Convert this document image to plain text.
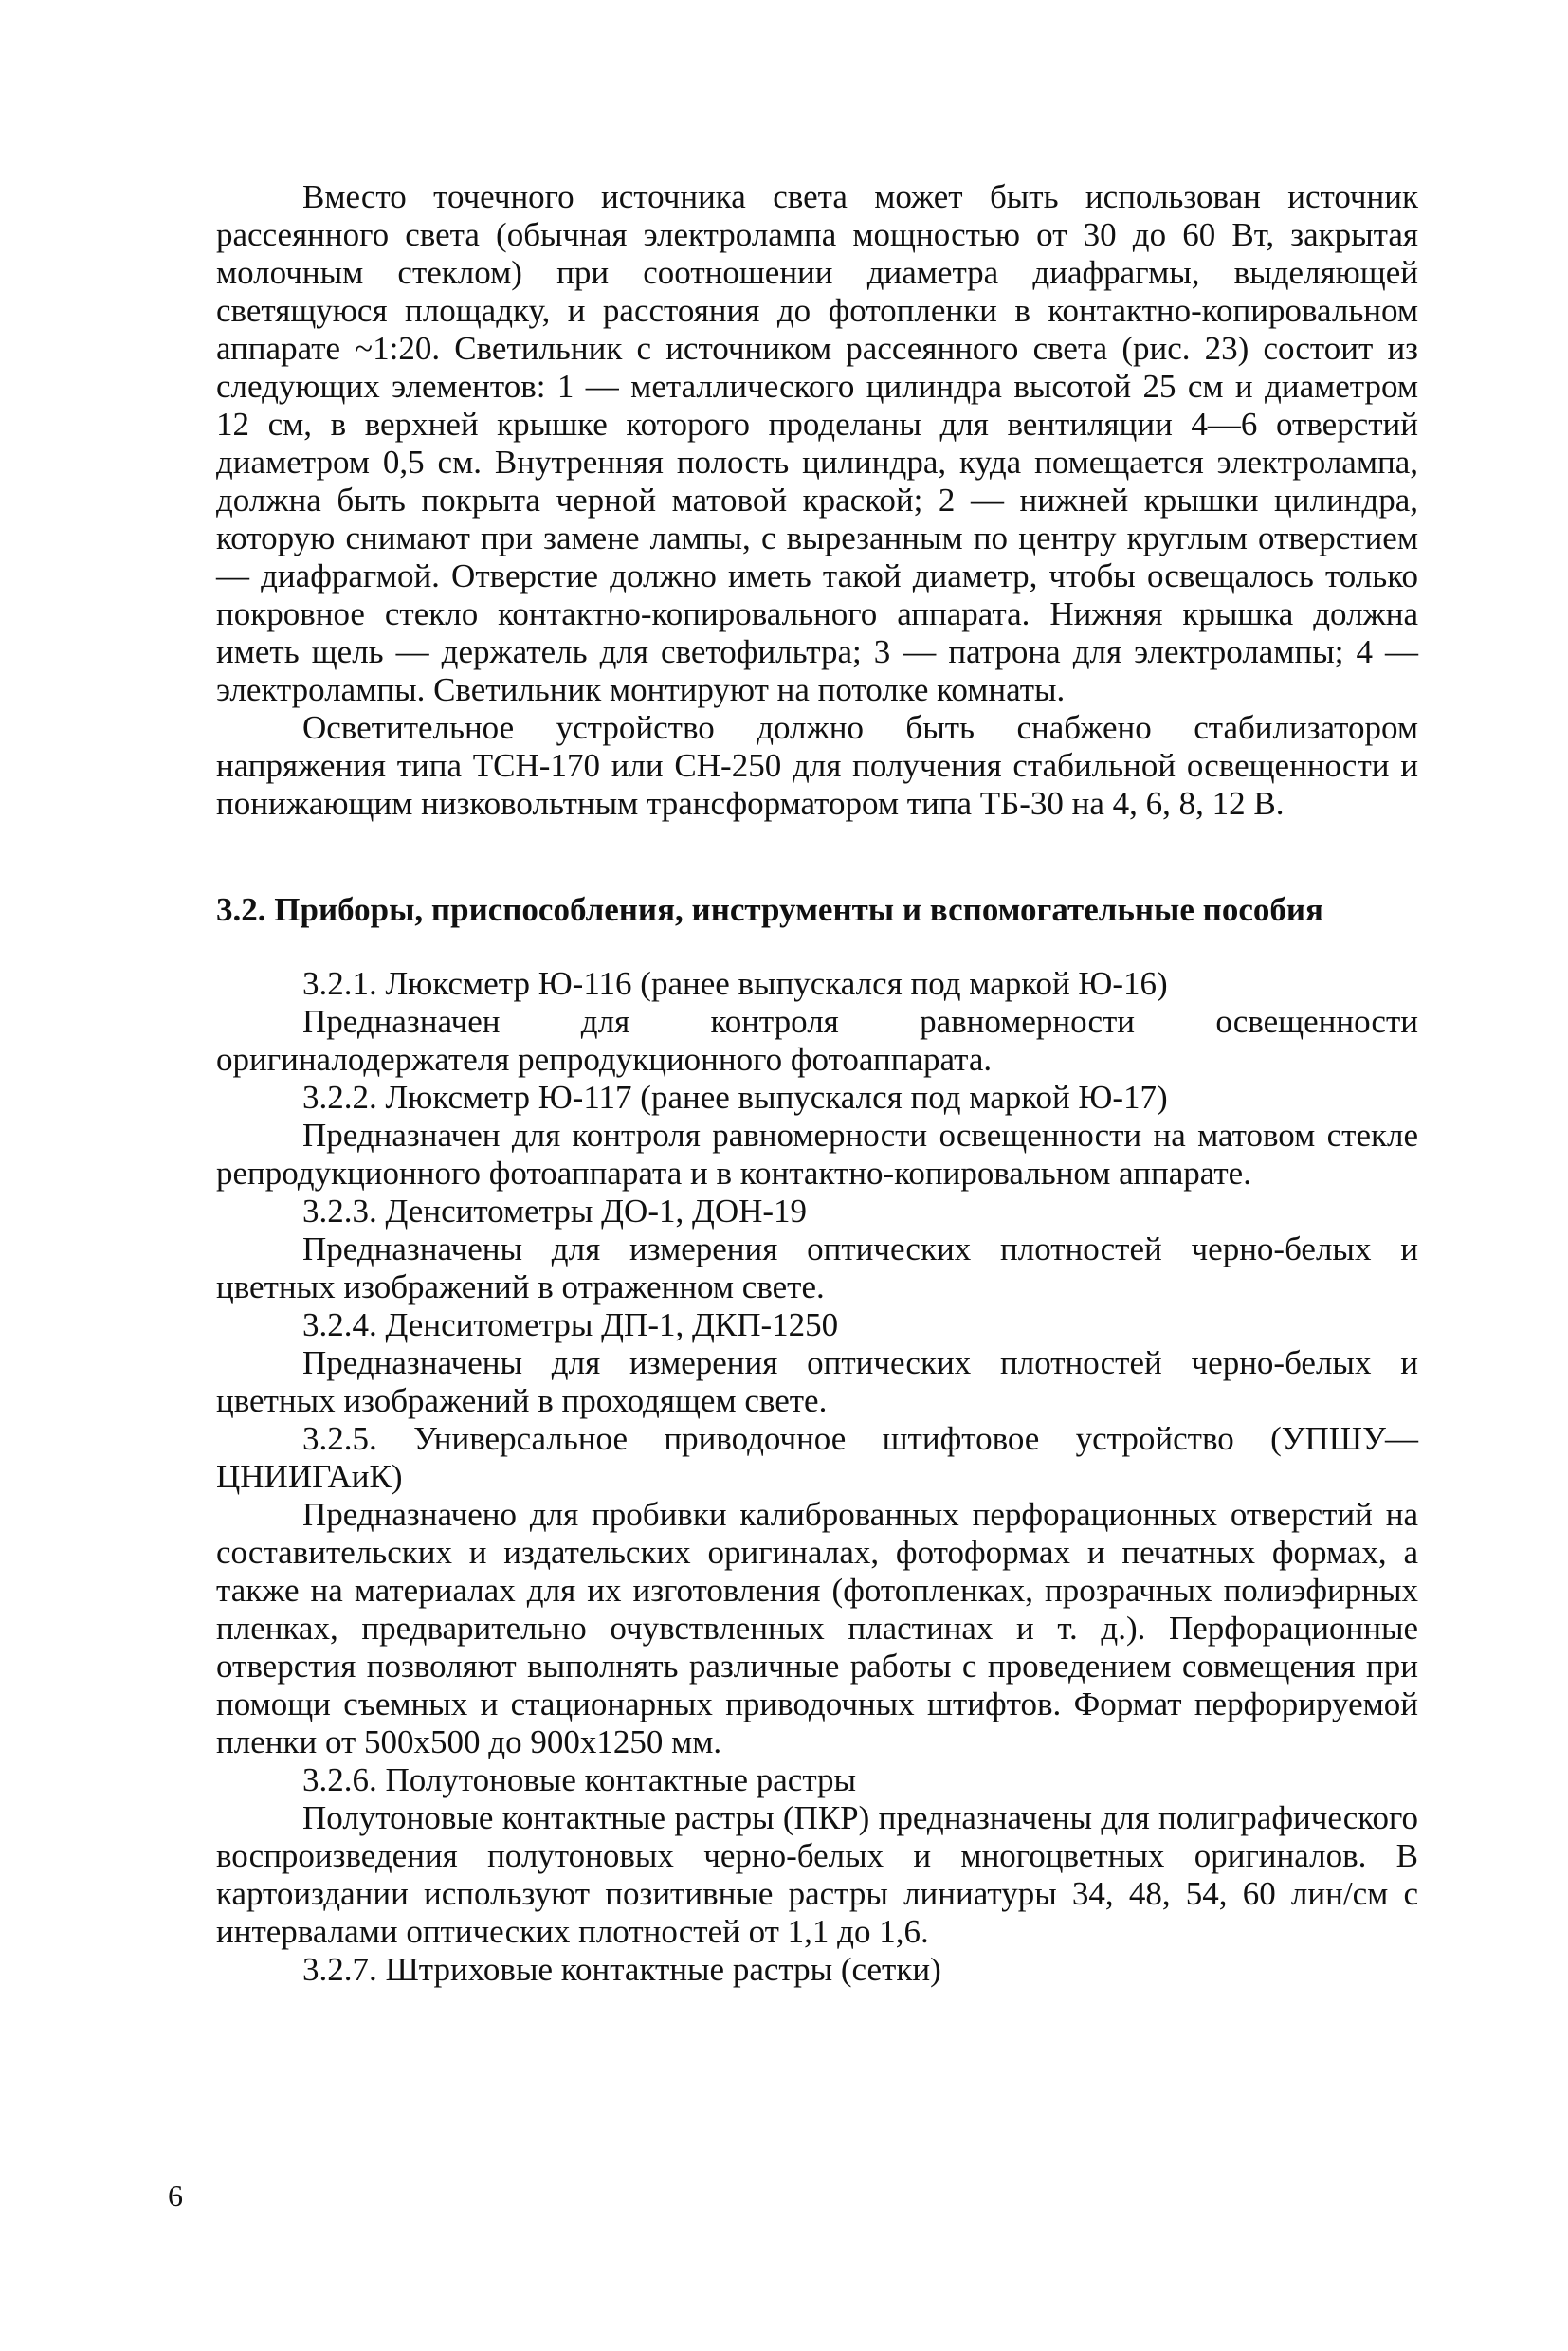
Вместо точечного источника света может быть использован источник рассеянного света (обычная электролампа мощностью от 30 до 60 Вт, закрытая молочным стеклом) при соотношении диаметра диафрагмы, выделяющей светящуюся площадку, и расстояния до фотопленки в контактно-копировальном аппарате ~1:20. Светильник с источником рассеянного света (рис. 23) состоит из следующих элементов: 1 — металлического цилиндра высотой 25 см и диаметром 12 см, в верхней крышке которого проделаны для вентиляции 4—6 отверстий диаметром 0,5 см. Внутренняя полость цилиндра, куда помещается электролампа, должна быть покрыта черной матовой краской; 2 — нижней крышки цилиндра, которую снимают при замене лампы, с вырезанным по центру круглым отверстием — диафрагмой. Отверстие должно иметь такой диаметр, чтобы освещалось только покровное стекло контактно-копировального аппарата. Нижняя крышка должна иметь щель — держатель для светофильтра; 3 — патрона для электролампы; 4 — электролампы. Светильник монтируют на потолке комнаты.

Осветительное устройство должно быть снабжено стабилизатором напряжения типа ТСН-170 или СН-250 для получения стабильной освещенности и понижающим низковольтным трансформатором типа ТБ-30 на 4, 6, 8, 12 В.

3.2. Приборы, приспособления, инструменты и вспомогательные пособия

3.2.1. Люксметр Ю-116 (ранее выпускался под маркой Ю-16)

Предназначен для контроля равномерности освещенности оригиналодержателя репродукционного фотоаппарата.

3.2.2. Люксметр Ю-117 (ранее выпускался под маркой Ю-17)

Предназначен для контроля равномерности освещенности на матовом стекле репродукционного фотоаппарата и в контактно-копировальном аппарате.

3.2.3. Денситометры ДО-1, ДОН-19

Предназначены для измерения оптических плотностей черно-белых и цветных изображений в отраженном свете.

3.2.4. Денситометры ДП-1, ДКП-1250

Предназначены для измерения оптических плотностей черно-белых и цветных изображений в проходящем свете.

3.2.5. Универсальное приводочное штифтовое устройство (УПШУ—ЦНИИГАиК)

Предназначено для пробивки калиброванных перфорационных отверстий на составительских и издательских оригиналах, фотоформах и печатных формах, а также на материалах для их изготовления (фотопленках, прозрачных полиэфирных пленках, предварительно очувствленных пластинах и т. д.). Перфорационные отверстия позволяют выполнять различные работы с проведением совмещения при помощи съемных и стационарных приводочных штифтов. Формат перфорируемой пленки от 500х500 до 900х1250 мм.

3.2.6. Полутоновые контактные растры

Полутоновые контактные растры (ПКР) предназначены для полиграфического воспроизведения полутоновых черно-белых и многоцветных оригиналов. В картоиздании используют позитивные растры линиатуры 34, 48, 54, 60 лин/см с интервалами оптических плотностей от 1,1 до 1,6.

3.2.7. Штриховые контактные растры (сетки)

6
